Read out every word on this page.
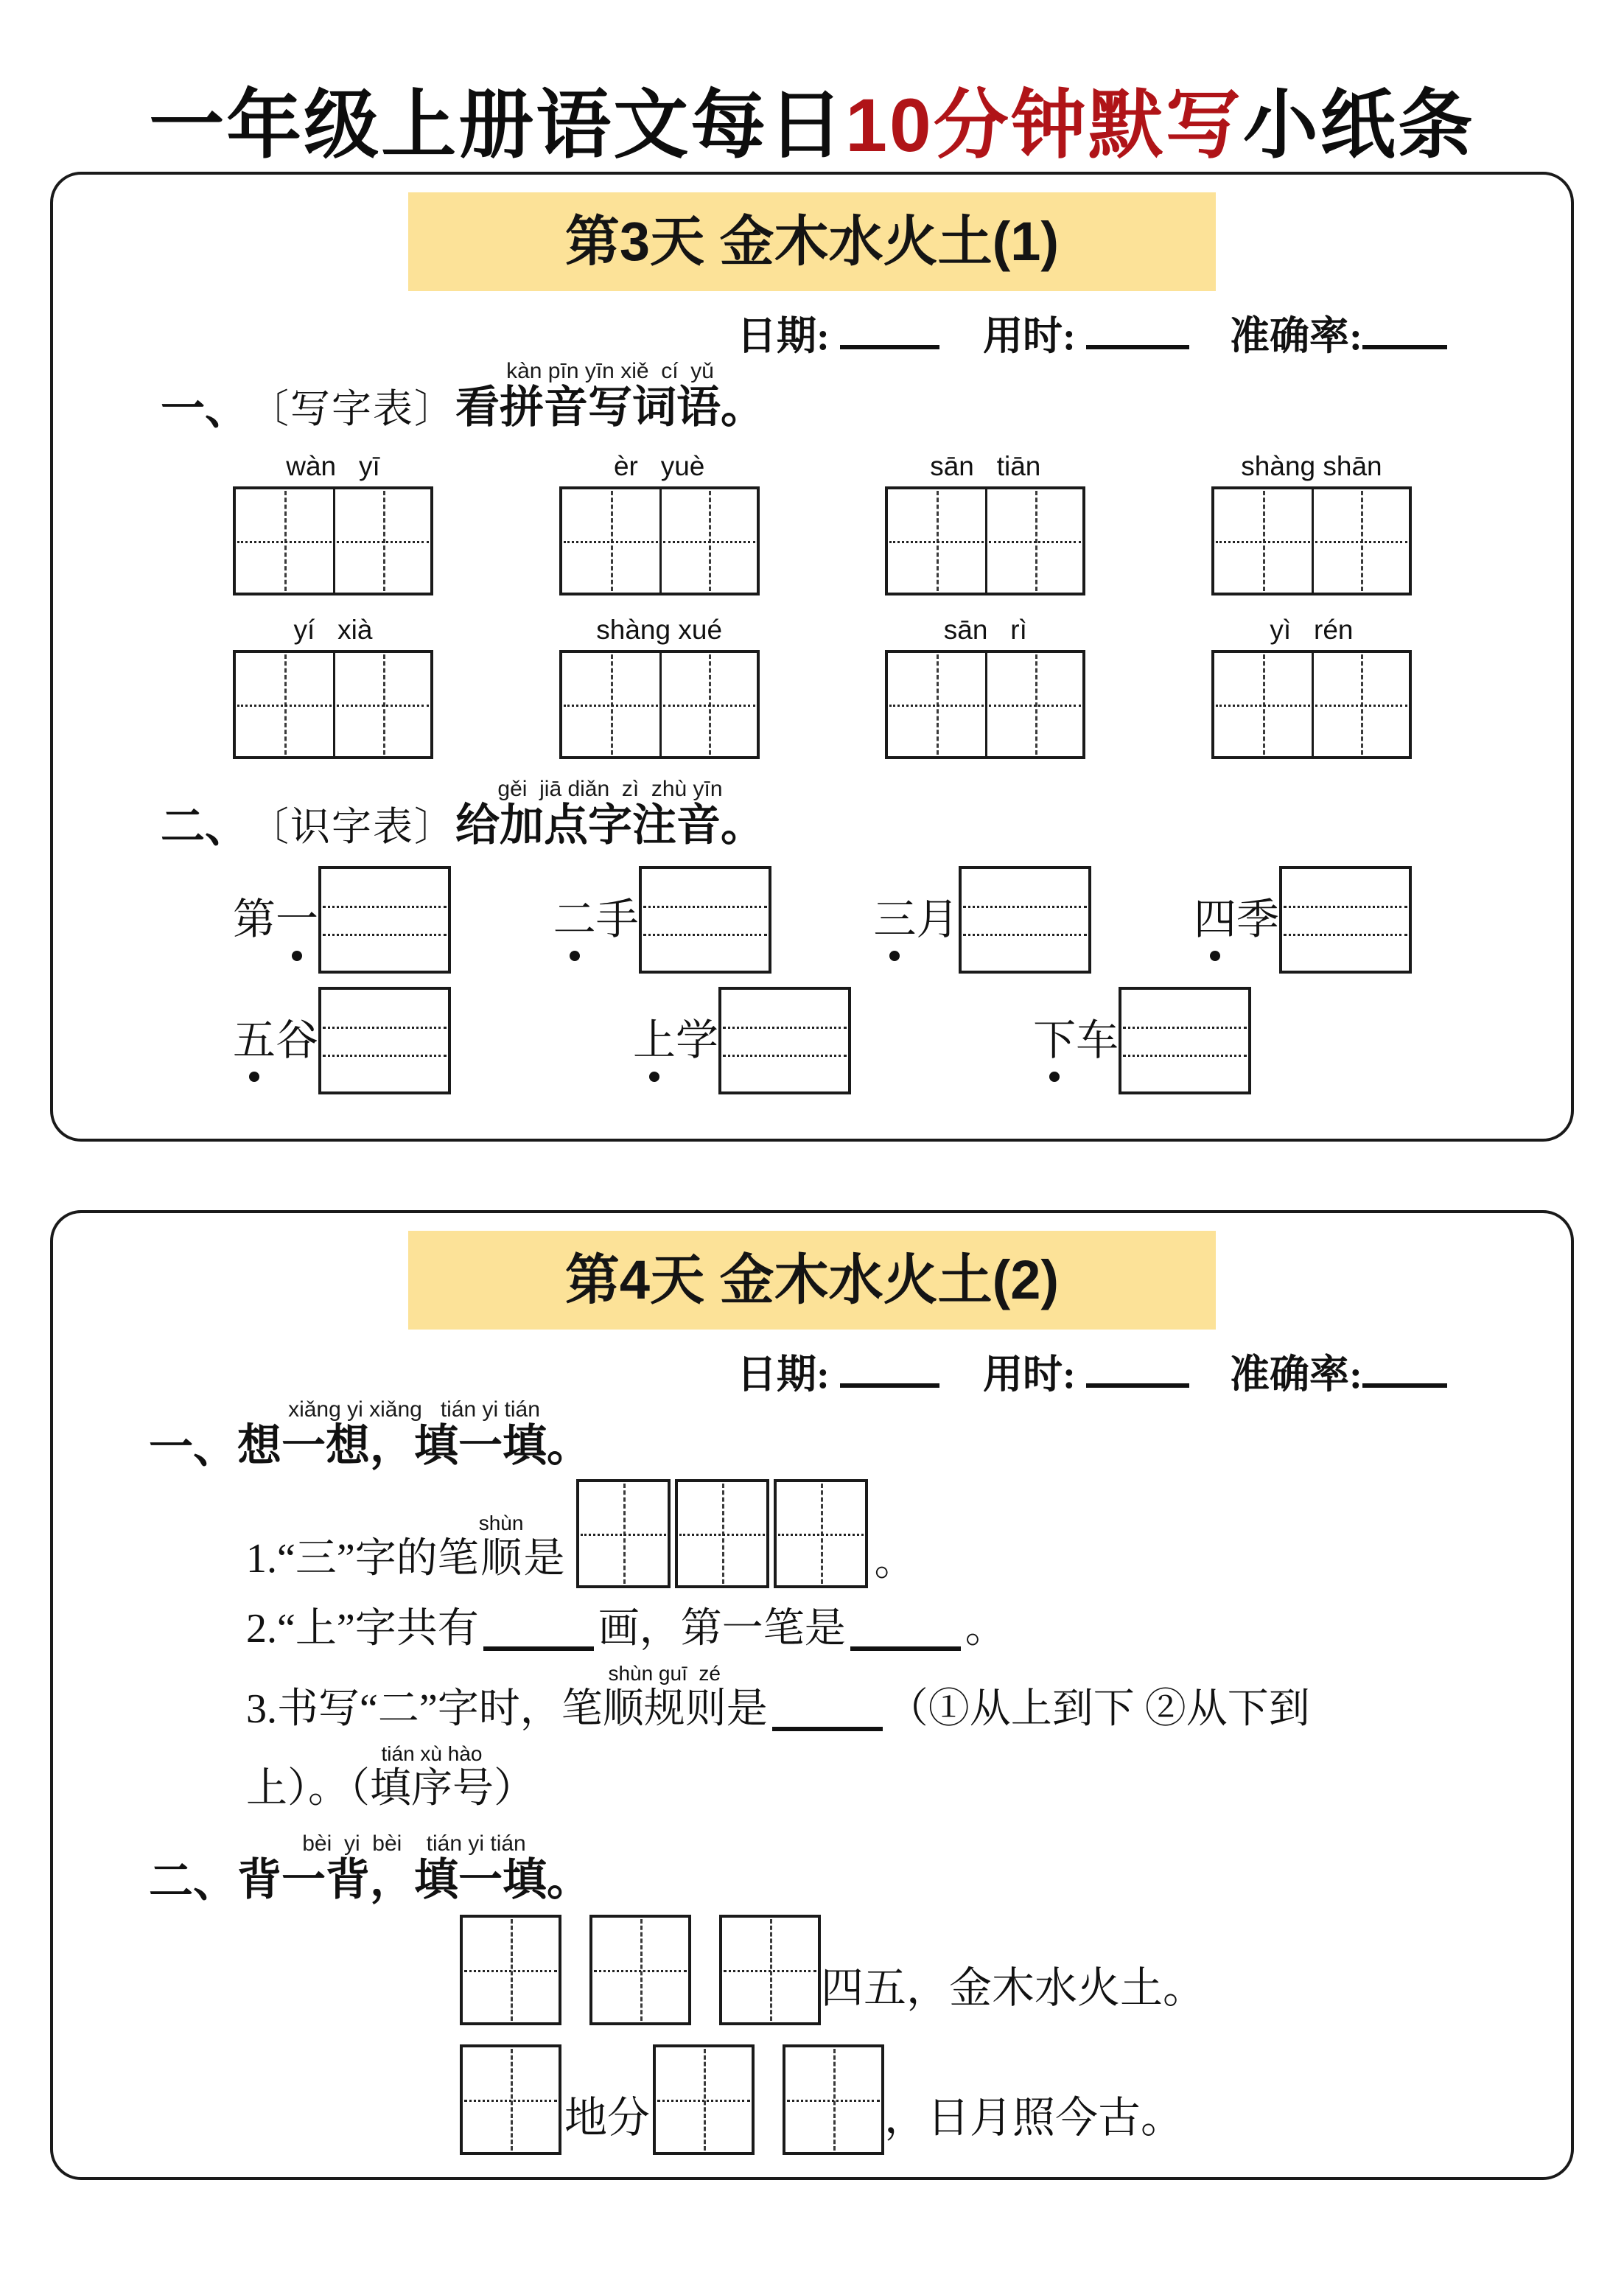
一年级上册语文每日10分钟默写小纸条
第3天 金木水火土(1)
日期:	用时:	准确率:
一、 〔写字表〕
kàn pīn yīn xiě  cí  yǔ
看拼音写词语。
wàn   yī	èr   yuè	sān   tiān	shàng shān
yí   xià	shàng xué	sān   rì	yì   rén
二、 〔识字表〕
gěi  jiā diǎn  zì  zhù yīn
给加点字注音。
第一	二手	三月	四季
五谷	上学	下车
第4天 金木水火土(2)
日期:	用时:	准确率:
一、
xiǎng yi xiǎng   tián yi tián
想一想，填一填。
1. “三”字的笔
shùn
顺 是	。
2. “上”字共有	画，第一笔是	。
3. 书写“二”字时，笔
shùn guī  zé
顺规则 是	（①从上到下 ②从下到
上）。（
tián xù hào
填序号 ）
二、
bèi  yi  bèi    tián yi tián
背一背，填一填。
四五，金木水火土。
地分	，日月照今古。
